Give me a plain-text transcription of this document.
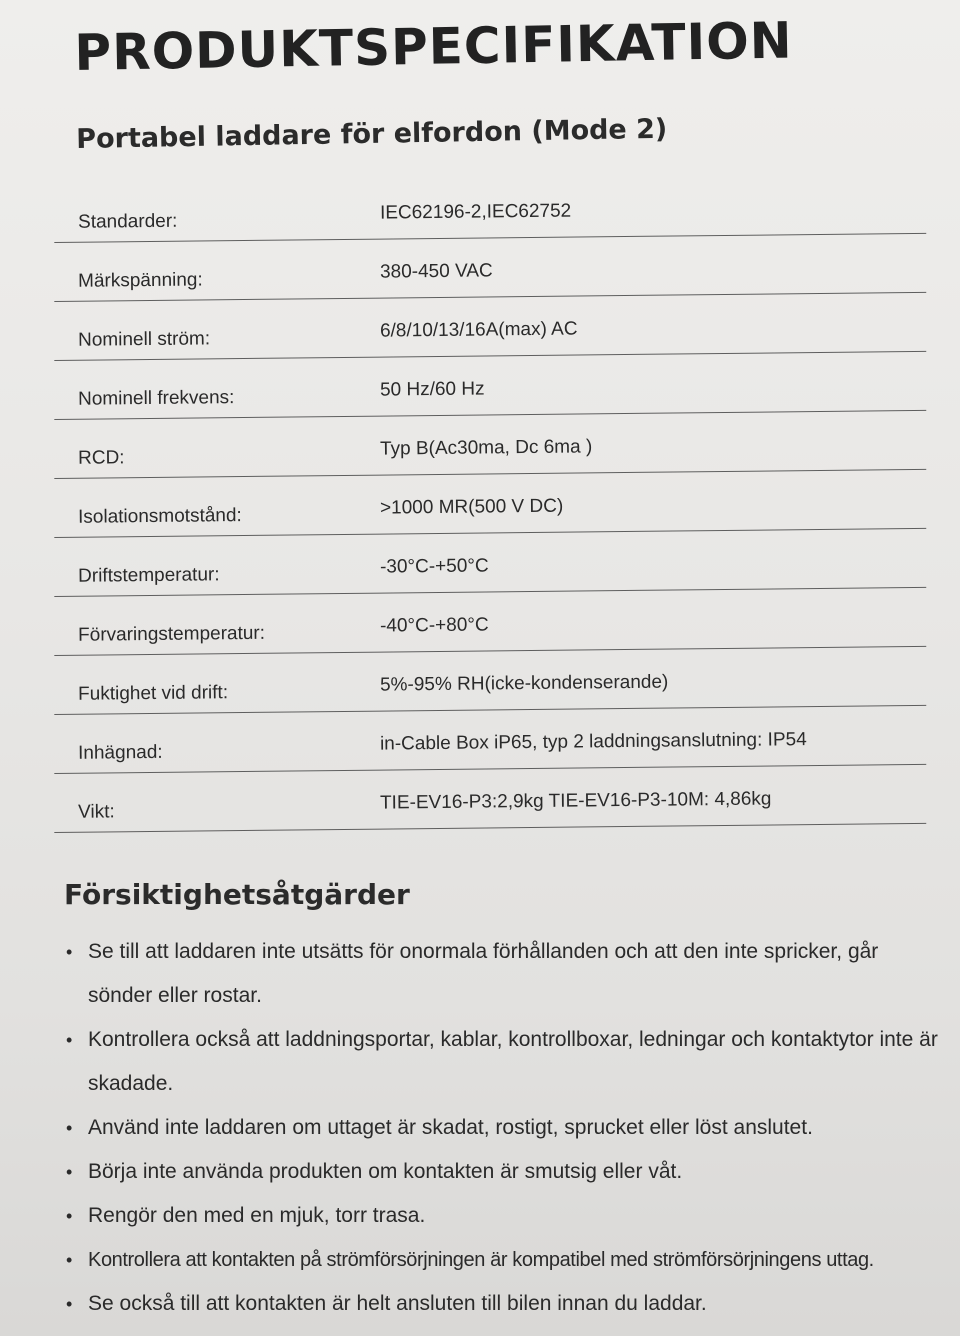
PRODUKTSPECIFIKATION
Portabel laddare för elfordon (Mode 2)
Standarder:	IEC62196-2,IEC62752
Märkspänning:	380-450 VAC
Nominell ström:	6/8/10/13/16A(max) AC
Nominell frekvens:	50 Hz/60 Hz
RCD:	Typ B(Ac30ma, Dc 6ma )
Isolationsmotstånd:	>1000 MR(500 V DC)
Driftstemperatur:	-30°C-+50°C
Förvaringstemperatur:	-40°C-+80°C
Fuktighet vid drift:	5%-95% RH(icke-kondenserande)
Inhägnad:	in-Cable Box iP65, typ 2 laddningsanslutning: IP54
Vikt:	TIE-EV16-P3:2,9kg TIE-EV16-P3-10M: 4,86kg
Försiktighetsåtgärder
• Se till att laddaren inte utsätts för onormala förhållanden och att den inte spricker, går sönder eller rostar.
• Kontrollera också att laddningsportar, kablar, kontrollboxar, ledningar och kontaktytor inte är skadade.
• Använd inte laddaren om uttaget är skadat, rostigt, sprucket eller löst anslutet.
• Börja inte använda produkten om kontakten är smutsig eller våt.
• Rengör den med en mjuk, torr trasa.
• Kontrollera att kontakten på strömförsörjningen är kompatibel med strömförsörjningens uttag.
• Se också till att kontakten är helt ansluten till bilen innan du laddar.
